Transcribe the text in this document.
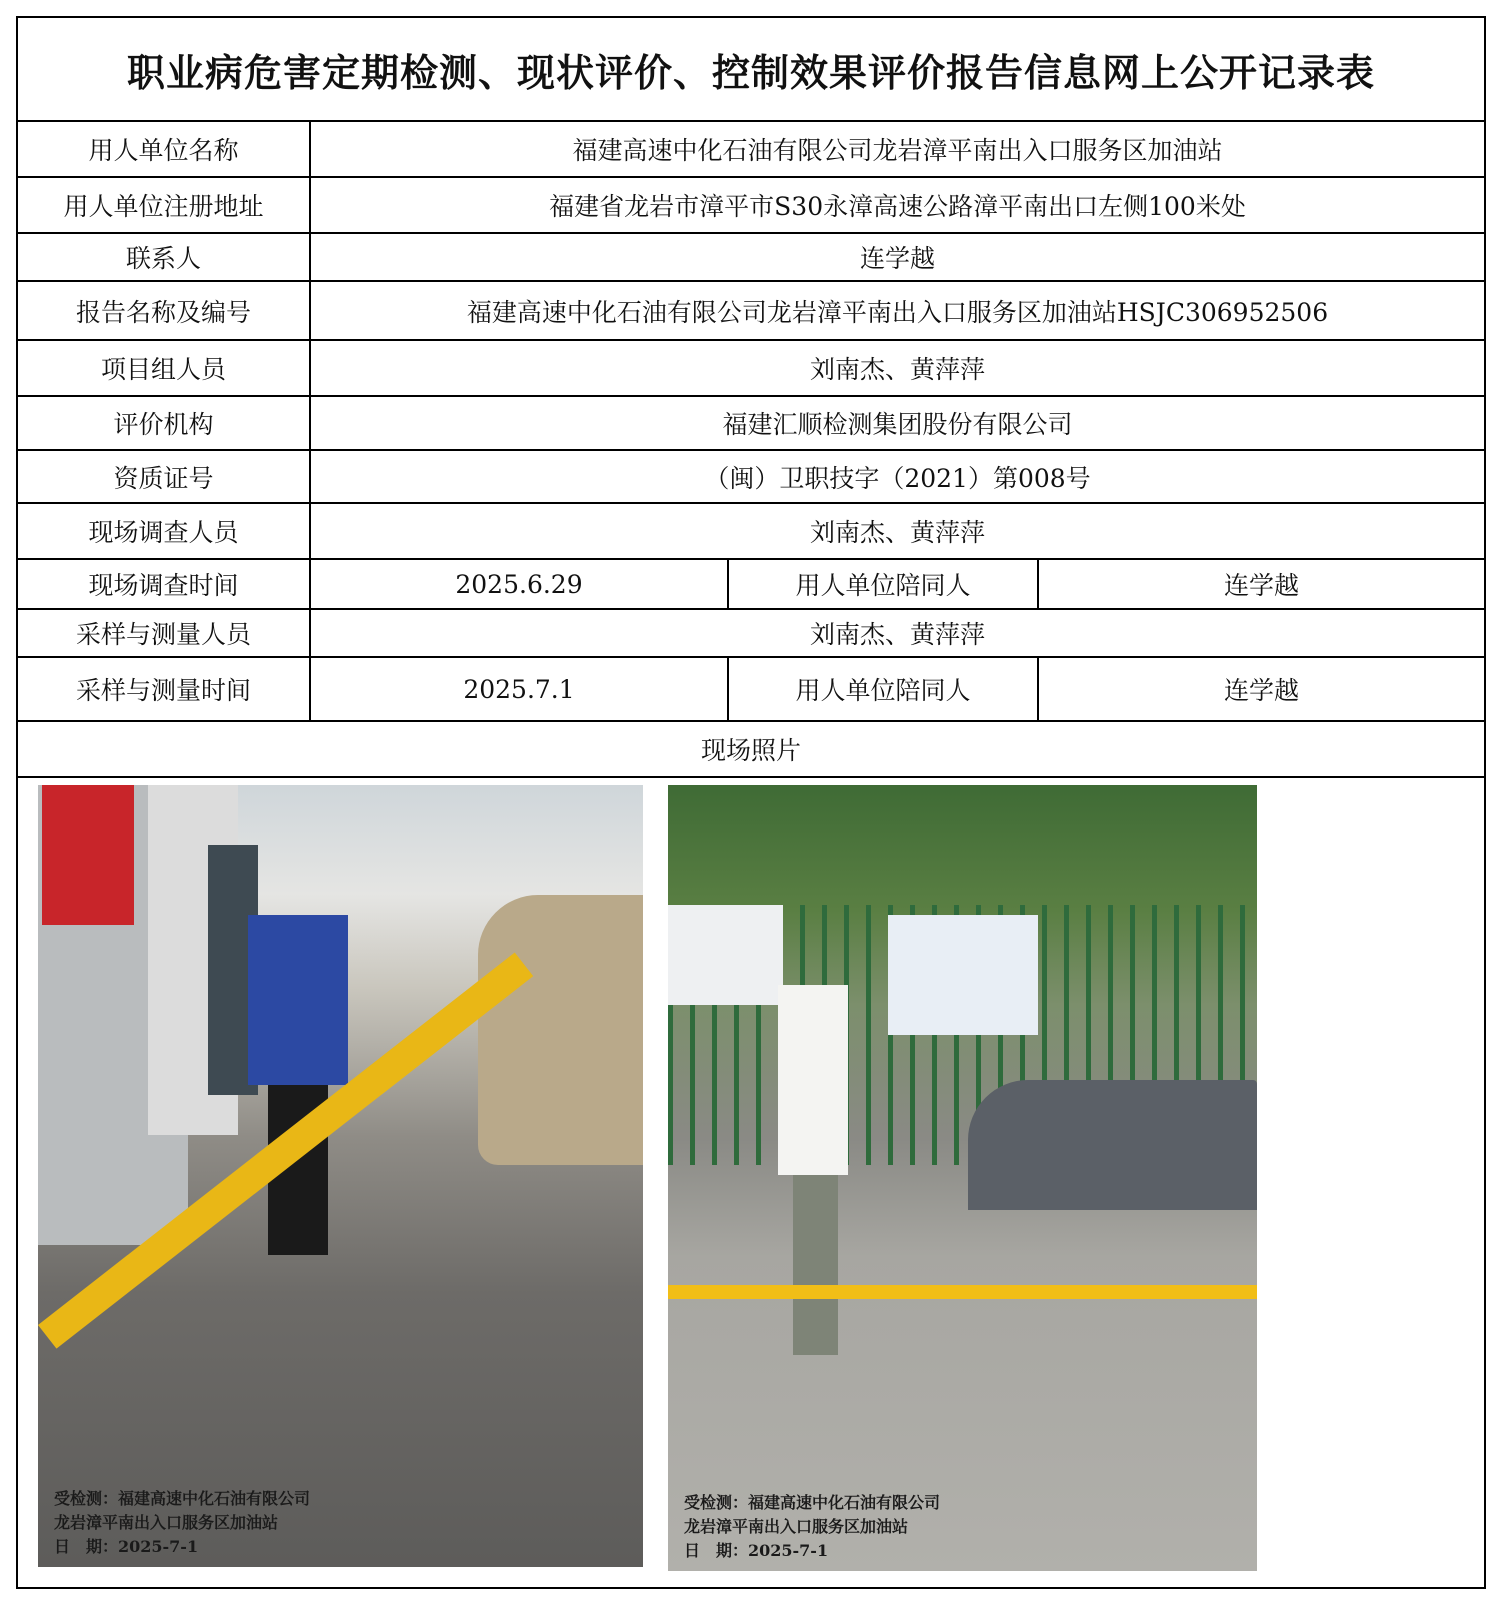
职业病危害定期检测、现状评价、控制效果评价报告信息网上公开记录表
用人单位名称	福建高速中化石油有限公司龙岩漳平南出入口服务区加油站
用人单位注册地址	福建省龙岩市漳平市S30永漳高速公路漳平南出口左侧100米处
联系人	连学越
报告名称及编号	福建高速中化石油有限公司龙岩漳平南出入口服务区加油站HSJC306952506
项目组人员	刘南杰、黄萍萍
评价机构	福建汇顺检测集团股份有限公司
资质证号	（闽）卫职技字（2021）第008号
现场调查人员	刘南杰、黄萍萍
现场调查时间	2025.6.29	用人单位陪同人	连学越
采样与测量人员	刘南杰、黄萍萍
采样与测量时间	2025.7.1	用人单位陪同人	连学越
现场照片
受检测：福建高速中化石油有限公司
龙岩漳平南出入口服务区加油站
日　期：2025-7-1
受检测：福建高速中化石油有限公司
龙岩漳平南出入口服务区加油站
日　期：2025-7-1
